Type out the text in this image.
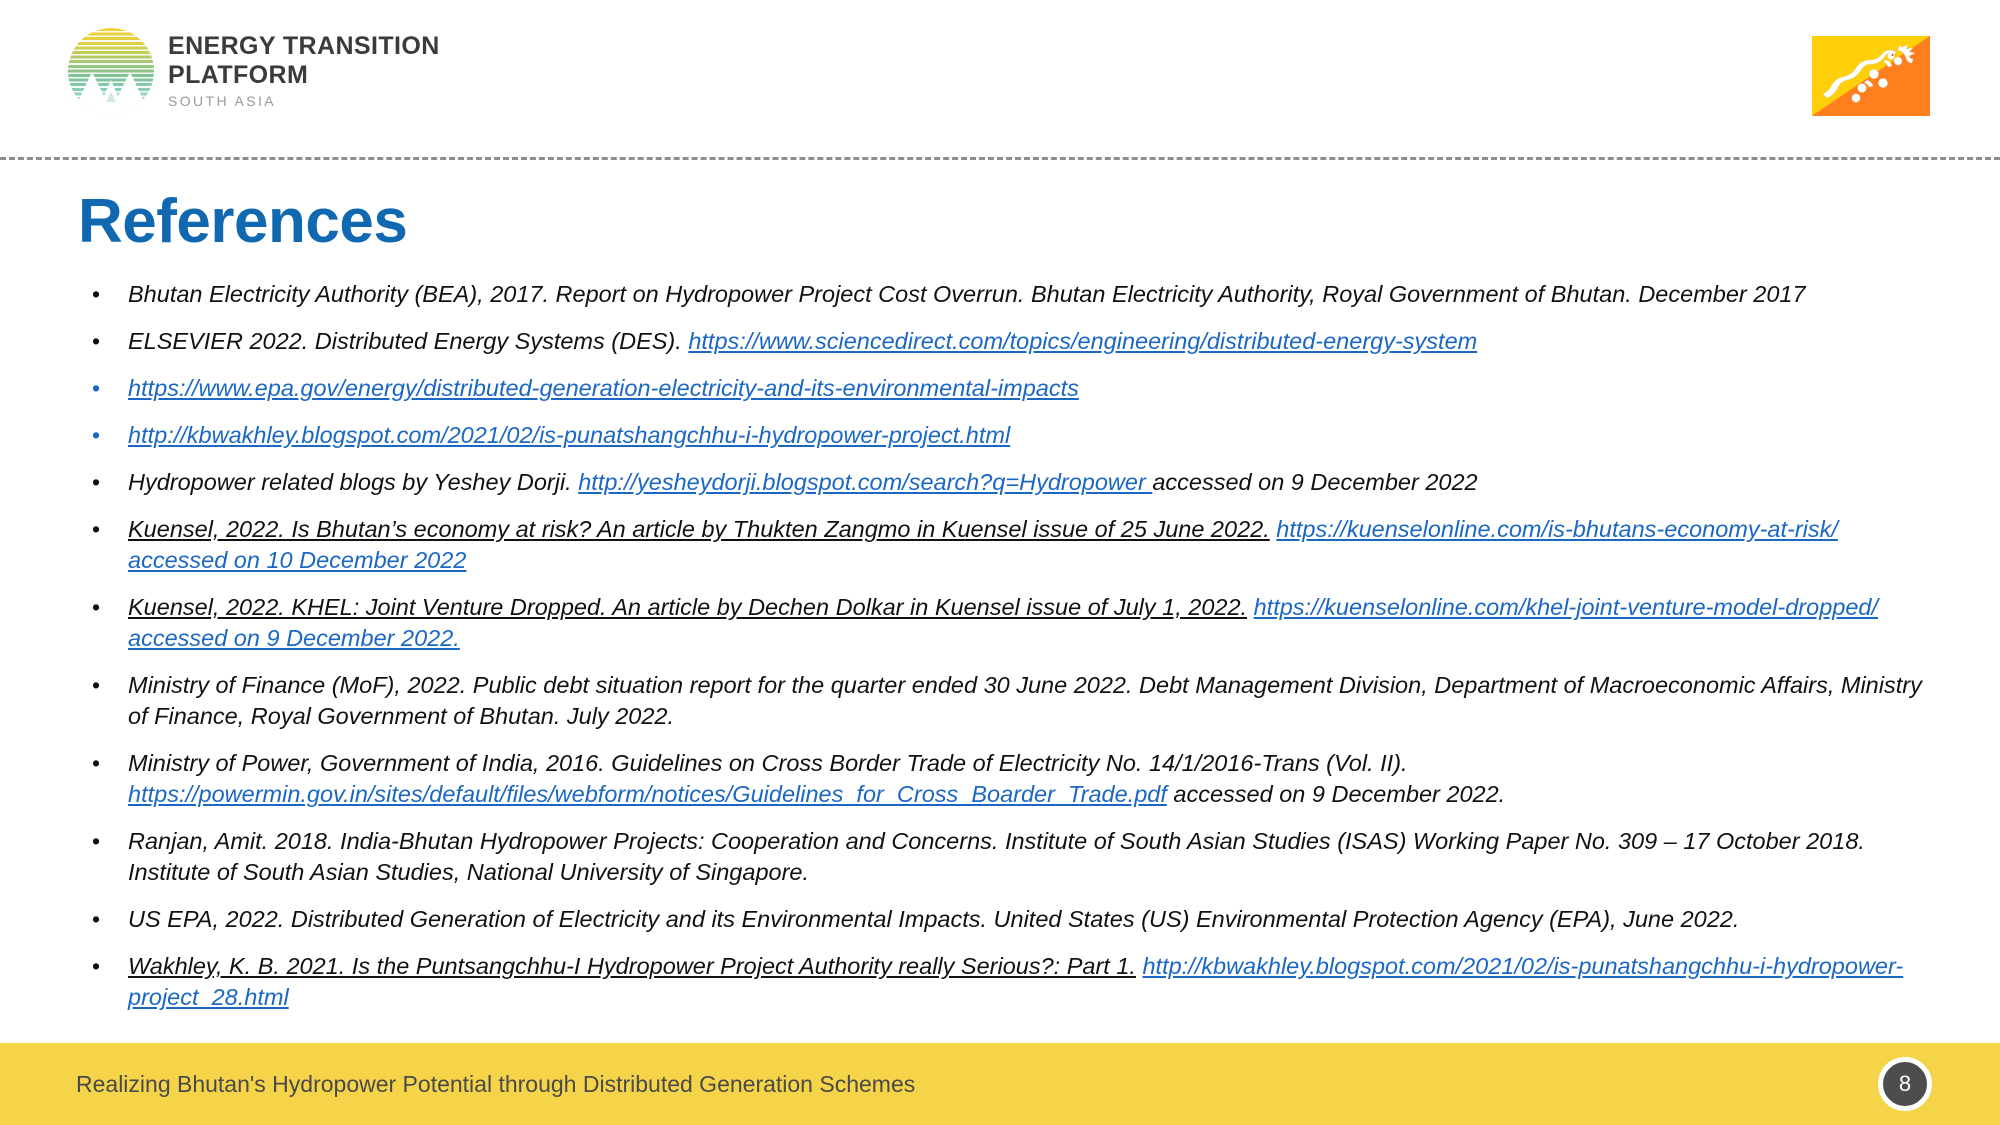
ENERGY TRANSITION
PLATFORM
SOUTH ASIA
References
• Bhutan Electricity Authority (BEA), 2017. Report on Hydropower Project Cost Overrun. Bhutan Electricity Authority, Royal Government of Bhutan. December 2017
• ELSEVIER 2022. Distributed Energy Systems (DES). https://www.sciencedirect.com/topics/engineering/distributed-energy-system
• https://www.epa.gov/energy/distributed-generation-electricity-and-its-environmental-impacts
• http://kbwakhley.blogspot.com/2021/02/is-punatshangchhu-i-hydropower-project.html
• Hydropower related blogs by Yeshey Dorji. http://yesheydorji.blogspot.com/search?q=Hydropower accessed on 9 December 2022
• Kuensel, 2022. Is Bhutan’s economy at risk? An article by Thukten Zangmo in Kuensel issue of 25 June 2022. https://kuenselonline.com/is-bhutans-economy-at-risk/ accessed on 10 December 2022
• Kuensel, 2022. KHEL: Joint Venture Dropped. An article by Dechen Dolkar in Kuensel issue of July 1, 2022. https://kuenselonline.com/khel-joint-venture-model-dropped/ accessed on 9 December 2022.
• Ministry of Finance (MoF), 2022. Public debt situation report for the quarter ended 30 June 2022. Debt Management Division, Department of Macroeconomic Affairs, Ministry of Finance, Royal Government of Bhutan. July 2022.
• Ministry of Power, Government of India, 2016. Guidelines on Cross Border Trade of Electricity No. 14/1/2016-Trans (Vol. II). https://powermin.gov.in/sites/default/files/webform/notices/Guidelines_for_Cross_Boarder_Trade.pdf accessed on 9 December 2022.
• Ranjan, Amit. 2018. India-Bhutan Hydropower Projects: Cooperation and Concerns. Institute of South Asian Studies (ISAS) Working Paper No. 309 – 17 October 2018. Institute of South Asian Studies, National University of Singapore.
• US EPA, 2022. Distributed Generation of Electricity and its Environmental Impacts. United States (US) Environmental Protection Agency (EPA), June 2022.
• Wakhley, K. B. 2021. Is the Puntsangchhu-I Hydropower Project Authority really Serious?: Part 1. http://kbwakhley.blogspot.com/2021/02/is-punatshangchhu-i-hydropower-project_28.html
Realizing Bhutan's Hydropower Potential through Distributed Generation Schemes	8
